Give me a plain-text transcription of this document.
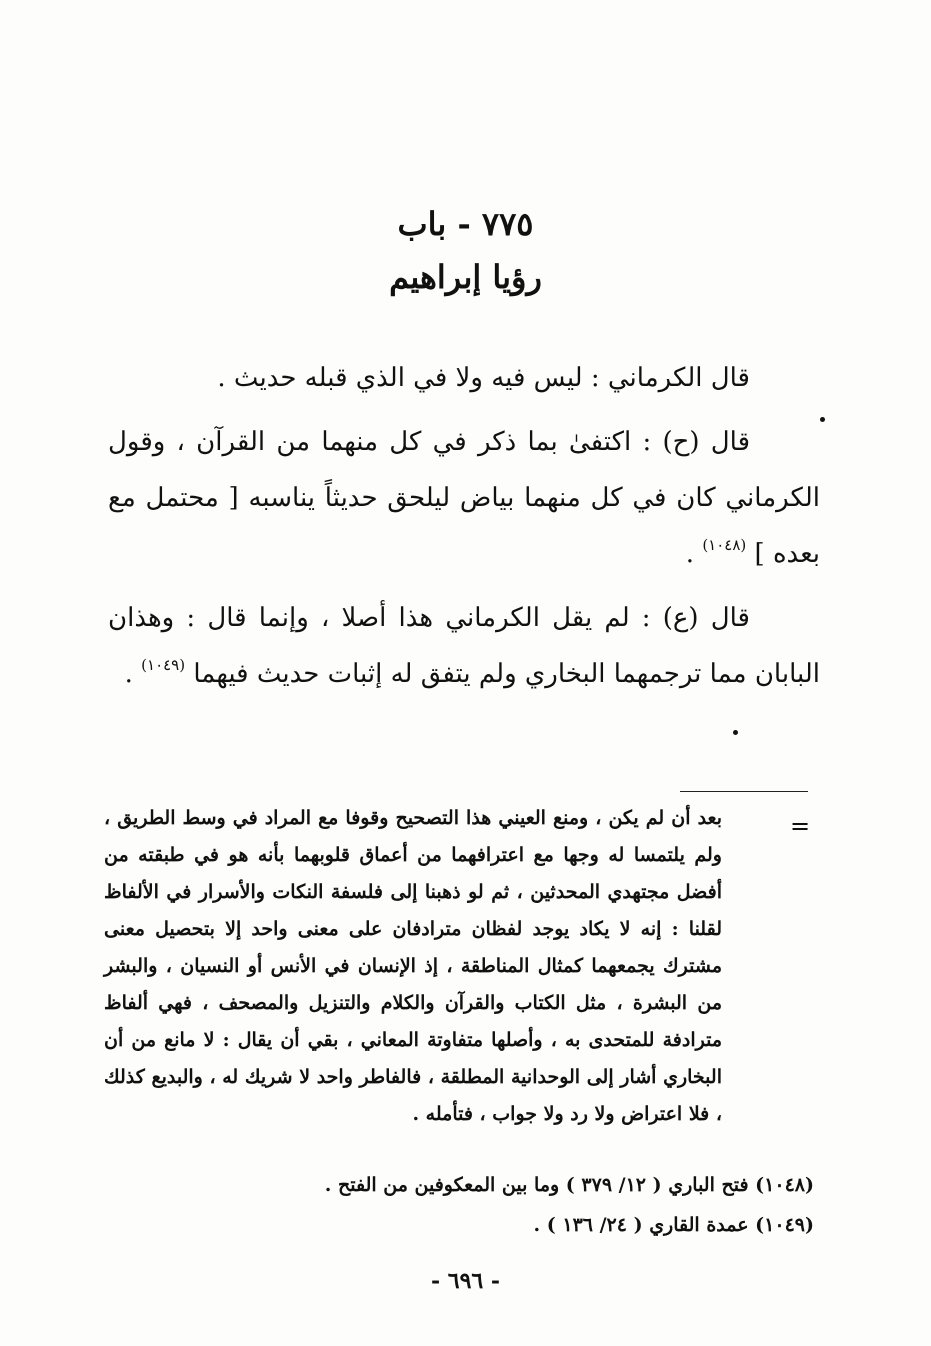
٧٧٥ - باب
رؤيا إبراهيم

قال الكرماني : ليس فيه ولا في الذي قبله حديث .

قال (ح) : اكتفىٰ بما ذكر في كل منهما من القرآن ، وقول الكرماني كان في كل منهما بياض ليلحق حديثاً يناسبه [ محتمل مع بعده ] $^{(١٠٤٨)}$ .

قال (ع) : لم يقل الكرماني هذا أصلا ، وإنما قال : وهذان البابان مما ترجمهما البخاري ولم يتفق له إثبات حديث فيهما $^{(١٠٤٩)}$ .

=
بعد أن لم يكن ، ومنع العيني هذا التصحيح وقوفا مع المراد في وسط الطريق ، ولم يلتمسا له وجها مع اعترافهما من أعماق قلوبهما بأنه هو في طبقته من أفضل مجتهدي المحدثين ، ثم لو ذهبنا إلى فلسفة النكات والأسرار في الألفاظ لقلنا : إنه لا يكاد يوجد لفظان مترادفان على معنى واحد إلا بتحصيل معنى مشترك يجمعهما كمثال المناطقة ، إذ الإنسان في الأنس أو النسيان ، والبشر من البشرة ، مثل الكتاب والقرآن والكلام والتنزيل والمصحف ، فهي ألفاظ مترادفة للمتحدى به ، وأصلها متفاوتة المعاني ، بقي أن يقال : لا مانع من أن البخاري أشار إلى الوحدانية المطلقة ، فالفاطر واحد لا شريك له ، والبديع كذلك ، فلا اعتراض ولا رد ولا جواب ، فتأمله .
(١٠٤٨) فتح الباري ( ١٢/ ٣٧٩ ) وما بين المعكوفين من الفتح .
(١٠٤٩) عمدة القاري ( ٢٤/ ١٣٦ ) .
- ٦٩٦ -
